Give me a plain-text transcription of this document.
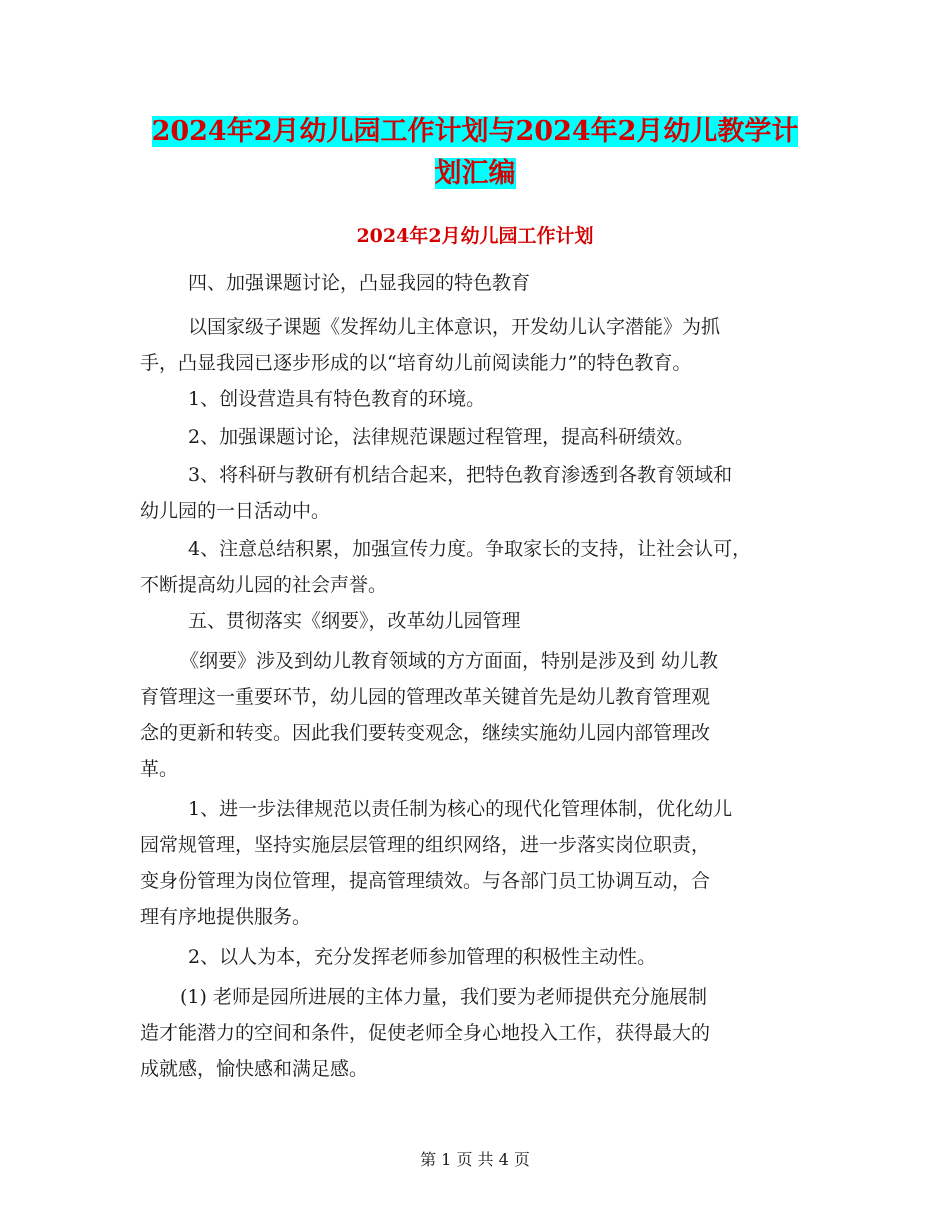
2024年2月幼儿园工作计划与2024年2月幼儿教学计
划汇编
2024年2月幼儿园工作计划

四、加强课题讨论，凸显我园的特色教育

以国家级子课题《发挥幼儿主体意识，开发幼儿认字潜能》为抓

手，凸显我园已逐步形成的以“培育幼儿前阅读能力”的特色教育。

1、创设营造具有特色教育的环境。

2、加强课题讨论，法律规范课题过程管理，提高科研绩效。

3、将科研与教研有机结合起来，把特色教育渗透到各教育领域和

幼儿园的一日活动中。

4、注意总结积累，加强宣传力度。争取家长的支持，让社会认可，

不断提高幼儿园的社会声誉。

五、贯彻落实《纲要》，改革幼儿园管理

《纲要》涉及到幼儿教育领域的方方面面，特别是涉及到 幼儿教

育管理这一重要环节，幼儿园的管理改革关键首先是幼儿教育管理观

念的更新和转变。因此我们要转变观念，继续实施幼儿园内部管理改

革。

1、进一步法律规范以责任制为核心的现代化管理体制，优化幼儿

园常规管理，坚持实施层层管理的组织网络，进一步落实岗位职责，

变身份管理为岗位管理，提高管理绩效。与各部门员工协调互动，合

理有序地提供服务。

2、以人为本，充分发挥老师参加管理的积极性主动性。

(1) 老师是园所进展的主体力量，我们要为老师提供充分施展制

造才能潜力的空间和条件，促使老师全身心地投入工作，获得最大的

成就感，愉快感和满足感。

第 1 页 共 4 页
